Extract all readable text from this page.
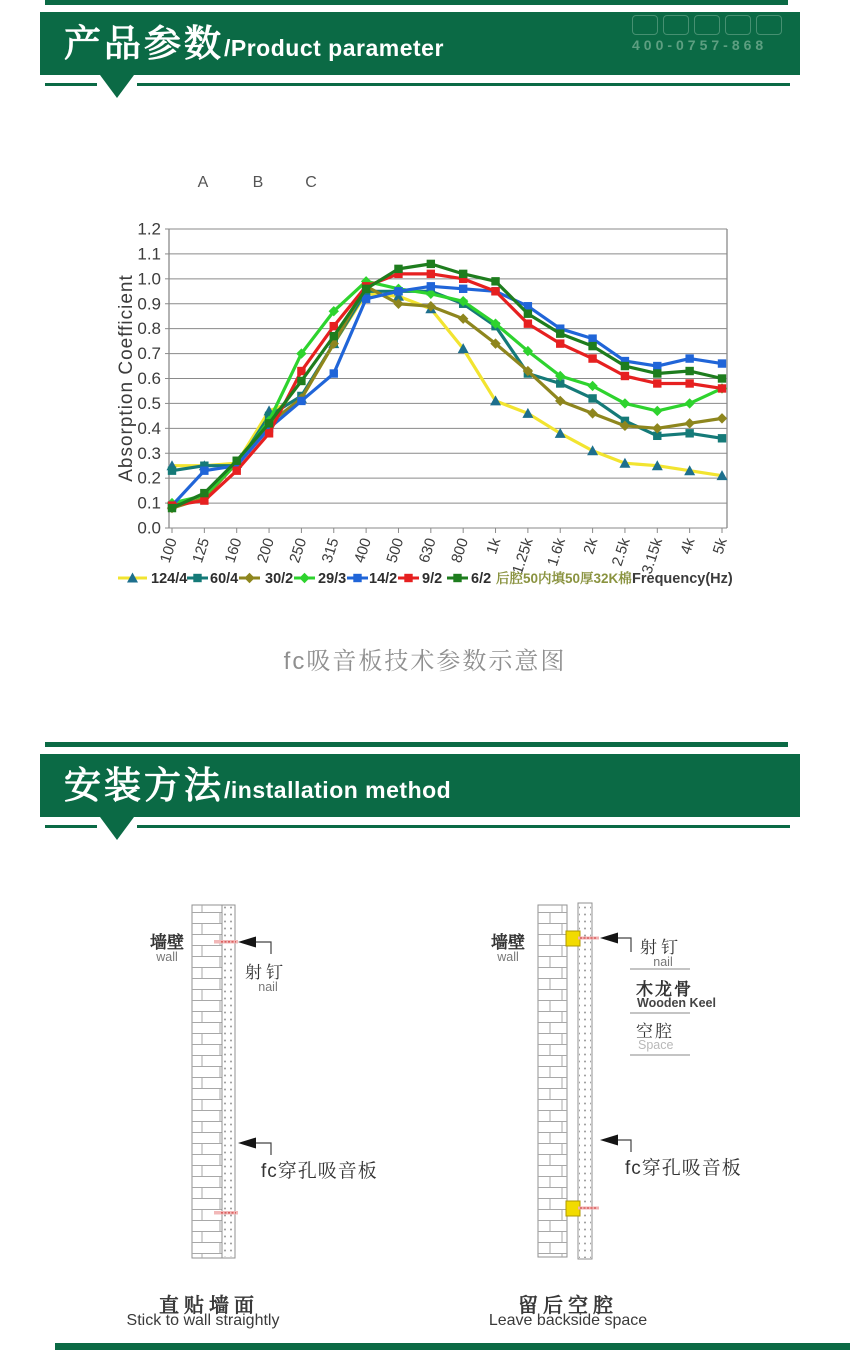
产品参数 /Product parameter	400-0757-868
0.0
0.1
0.2
0.3
0.4
0.5
0.6
0.7
0.8
0.9
1.0
1.1
1.2
100 125 160 200 250 315 400 500 630 800 1k 1.25k 1.6k 2k 2.5k 3.15k 4k 5k
Absorption Coefficient
A	B	C
124/4 60/4 30/2 29/3 14/2 9/2 6/2 后腔50内填50厚32K棉 Frequency(Hz)
fc吸音板技术参数示意图
安装方法 /installation method
墙壁
wall
射钉
nail
fc穿孔吸音板
直贴墙面
Stick to wall straightly
墙壁
wall	射钉
nail
木龙骨
Wooden Keel
空腔
Space
fc穿孔吸音板
留后空腔
Leave backside space
